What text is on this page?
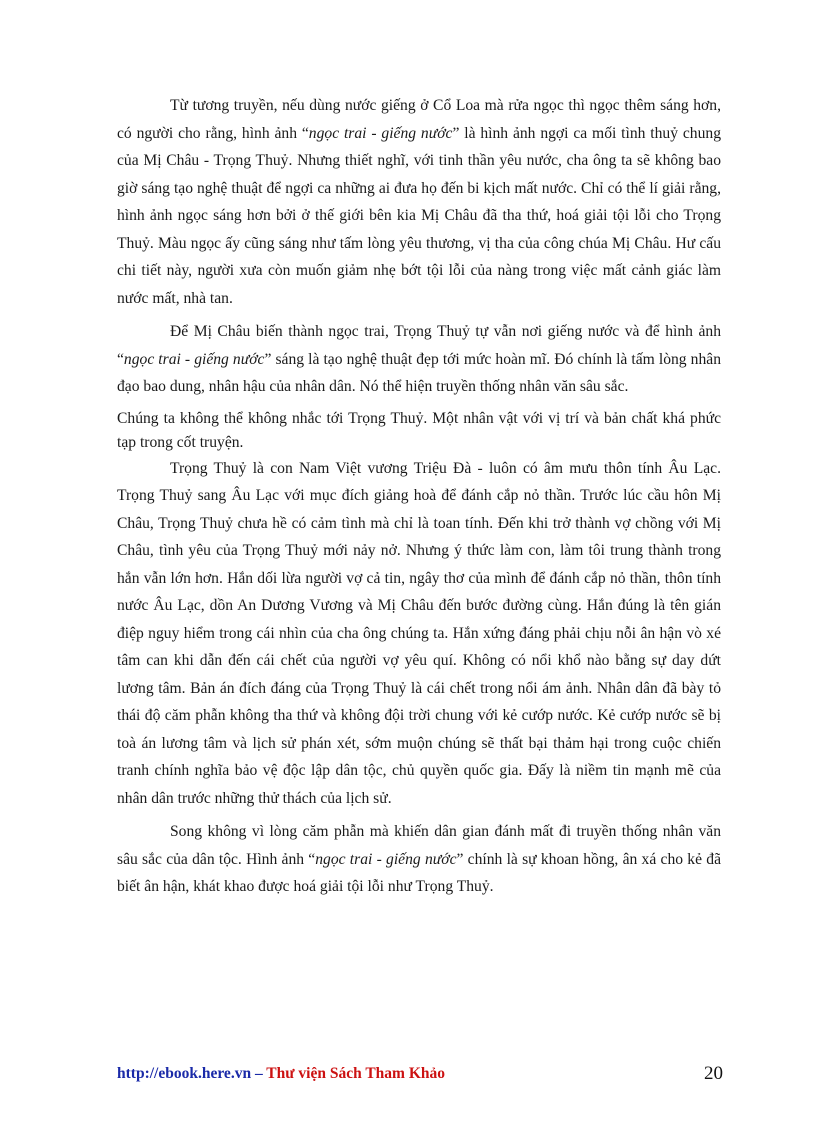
Từ tương truyền, nếu dùng nước giếng ở Cổ Loa mà rửa ngọc thì ngọc thêm sáng hơn, có người cho rằng, hình ảnh “ngọc trai - giếng nước” là hình ảnh ngợi ca mối tình thuỷ chung của Mị Châu - Trọng Thuỷ. Nhưng thiết nghĩ, với tinh thần yêu nước, cha ông ta sẽ không bao giờ sáng tạo nghệ thuật để ngợi ca những ai đưa họ đến bi kịch mất nước. Chỉ có thể lí giải rằng, hình ảnh ngọc sáng hơn bởi ở thế giới bên kia Mị Châu đã tha thứ, hoá giải tội lỗi cho Trọng Thuỷ. Màu ngọc ấy cũng sáng như tấm lòng yêu thương, vị tha của công chúa Mị Châu. Hư cấu chi tiết này, người xưa còn muốn giảm nhẹ bớt tội lỗi của nàng trong việc mất cảnh giác làm nước mất, nhà tan.

Để Mị Châu biến thành ngọc trai, Trọng Thuỷ tự vẫn nơi giếng nước và để hình ảnh “ngọc trai - giếng nước” sáng là tạo nghệ thuật đẹp tới mức hoàn mĩ. Đó chính là tấm lòng nhân đạo bao dung, nhân hậu của nhân dân. Nó thể hiện truyền thống nhân văn sâu sắc.

Chúng ta không thể không nhắc tới Trọng Thuỷ. Một nhân vật với vị trí và bản chất khá phức tạp trong cốt truyện.

Trọng Thuỷ là con Nam Việt vương Triệu Đà - luôn có âm mưu thôn tính Âu Lạc. Trọng Thuỷ sang Âu Lạc với mục đích giảng hoà để đánh cắp nỏ thần. Trước lúc cầu hôn Mị Châu, Trọng Thuỷ chưa hề có cảm tình mà chỉ là toan tính. Đến khi trở thành vợ chồng với Mị Châu, tình yêu của Trọng Thuỷ mới nảy nở. Nhưng ý thức làm con, làm tôi trung thành trong hắn vẫn lớn hơn. Hắn dối lừa người vợ cả tin, ngây thơ của mình để đánh cắp nỏ thần, thôn tính nước Âu Lạc, dồn An Dương Vương và Mị Châu đến bước đường cùng. Hắn đúng là tên gián điệp nguy hiểm trong cái nhìn của cha ông chúng ta. Hắn xứng đáng phải chịu nỗi ân hận vò xé tâm can khi dẫn đến cái chết của người vợ yêu quí. Không có nổi khổ nào bằng sự day dứt lương tâm. Bản án đích đáng của Trọng Thuỷ là cái chết trong nổi ám ảnh. Nhân dân đã bày tỏ thái độ căm phẫn không tha thứ và không đội trời chung với kẻ cướp nước. Kẻ cướp nước sẽ bị toà án lương tâm và lịch sử phán xét, sớm muộn chúng sẽ thất bại thảm hại trong cuộc chiến tranh chính nghĩa bảo vệ độc lập dân tộc, chủ quyền quốc gia. Đấy là niềm tin mạnh mẽ của nhân dân trước những thử thách của lịch sử.

Song không vì lòng căm phẫn mà khiến dân gian đánh mất đi truyền thống nhân văn sâu sắc của dân tộc. Hình ảnh “ngọc trai - giếng nước” chính là sự khoan hồng, ân xá cho kẻ đã biết ân hận, khát khao được hoá giải tội lỗi như Trọng Thuỷ.

http://ebook.here.vn – Thư viện Sách Tham Khảo	20
